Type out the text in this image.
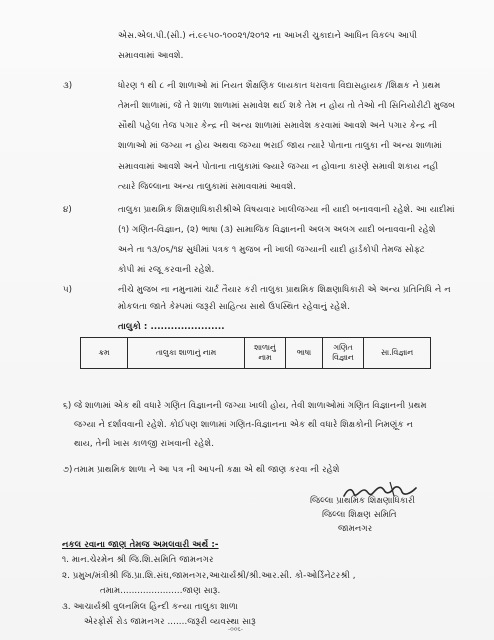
એસ.એલ.પી.(સી.) નં.૯૯૫૦-૧૦૦૨૧/૨૦૧૨ ના આખરી ચુકાદાને આધિન વિકલ્પ આપી
સમાવવામાં આવશે.
૩)	ધોરણ ૧ થી ૮ ની શાળાઓ માં નિયત શૈક્ષણિક લાયકાત ધરાવતા વિદ્યાસહાયક /શિક્ષક ને પ્રથમ
તેમની શાળામાં, જે તે શાળા શાળામાં સમાવેશ થઈ શકે તેમ ન હોય તો તેઓ ની સિનિયોરીટી મુજબ
સૌથી પહેલા તેજ પગાર કેન્દ્ર ની અન્ય શાળામાં સમાવેશ કરવામાં આવશે અને પગાર કેન્દ્ર ની
શાળાઓ માં જગ્યા ન હોય અથવા જગ્યા ભરાઈ જાય ત્યારે પોતાના તાલુકા ની અન્ય શાળામાં
સમાવવામાં આવશે અને પોતાના તાલુકામાં જ્યારે જગ્યા ન હોવાના કારણે સમાવી શકાય નહી
ત્યારે જિલ્લાના અન્ય તાલુકામાં સમાવવામાં આવશે.
૪)	તાલુકા પ્રાથમિક શિક્ષણાધિકારીશ્રીએ વિષયવાર ખાલીજગ્યા ની યાદી બનાવવાની રહેશે. આ યાદીમાં
(૧) ગણિત-વિજ્ઞાન, (૨) ભાષા (૩) સામાજિક વિજ્ઞાનની અલગ અલગ યાદી બનાવવાની રહેશે
અને તા ૧૩/૦૬/૧૪ સુધીમાં પત્રક ૧ મુજબ ની ખાલી જગ્યાની યાદી હાર્ડકોપી તેમજ સોફ્ટ
કોપી માં રજૂ કરવાની રહેશે.
૫)	નીચે મુજબ ના નમુનામાં ચાર્ટ તૈયાર કરી તાલુકા પ્રાથમિક શિક્ષણાધિકારી એ અન્ય પ્રતિનિધિ ને ન
મોકલતા જાતે કેમ્પમાં જરૂરી સાહિત્ય સાથે ઉપસ્થિત રહેવાનું રહેશે.
તાલુકો : ......................
ક્રમ	તાલુકા શાળાનું નામ	શાળાનું નામ	ભાષા	ગણિત વિજ્ઞાન	સા.વિજ્ઞાન
૬) જે શાળામાં એક થી વધારે ગણિત વિજ્ઞાનની જગ્યા ખાલી હોય, તેવી શાળાઓમાં ગણિત વિજ્ઞાનની પ્રથમ
જગ્યા ને દર્શાવવાની રહેશે. કોઈપણ શાળામાં ગણિત-વિજ્ઞાનના એક થી વધારે શિક્ષકોની નિમણૂંક ન
થાય, તેની ખાસ કાળજી રાખવાની રહેશે.
૭) તમામ પ્રાથમિક શાળા ને આ પત્ર ની આપની કક્ષા એ થી જાણ કરવા ની રહેશે
જિલ્લા પ્રાથમિક શિક્ષણાધિકારી
જિલ્લા શિક્ષણ સમિતિ
જામનગર
નકલ રવાના જાણ તેમજ અમલવારી અર્થે :-
૧. માન.ચેરમેન શ્રી જિ.શિ.સમિતિ જામનગર
૨. પ્રમુખ/મંત્રીશ્રી જિ.પ્રા.શિ.સંઘ,જામનગર,આચાર્યશ્રી/શ્રી.આર.સી. કો-ઓર્ડિનેટરશ્રી ,
તમામ......................જાણ સારૂ.
૩. આચાર્યશ્રી વુલનમિલ હિન્દી કન્યા તાલુકા શાળા
એરફોર્સ રોડ જામનગર .......જરૂરી વ્યવસ્થા સારૂ
-૦૦૬-
